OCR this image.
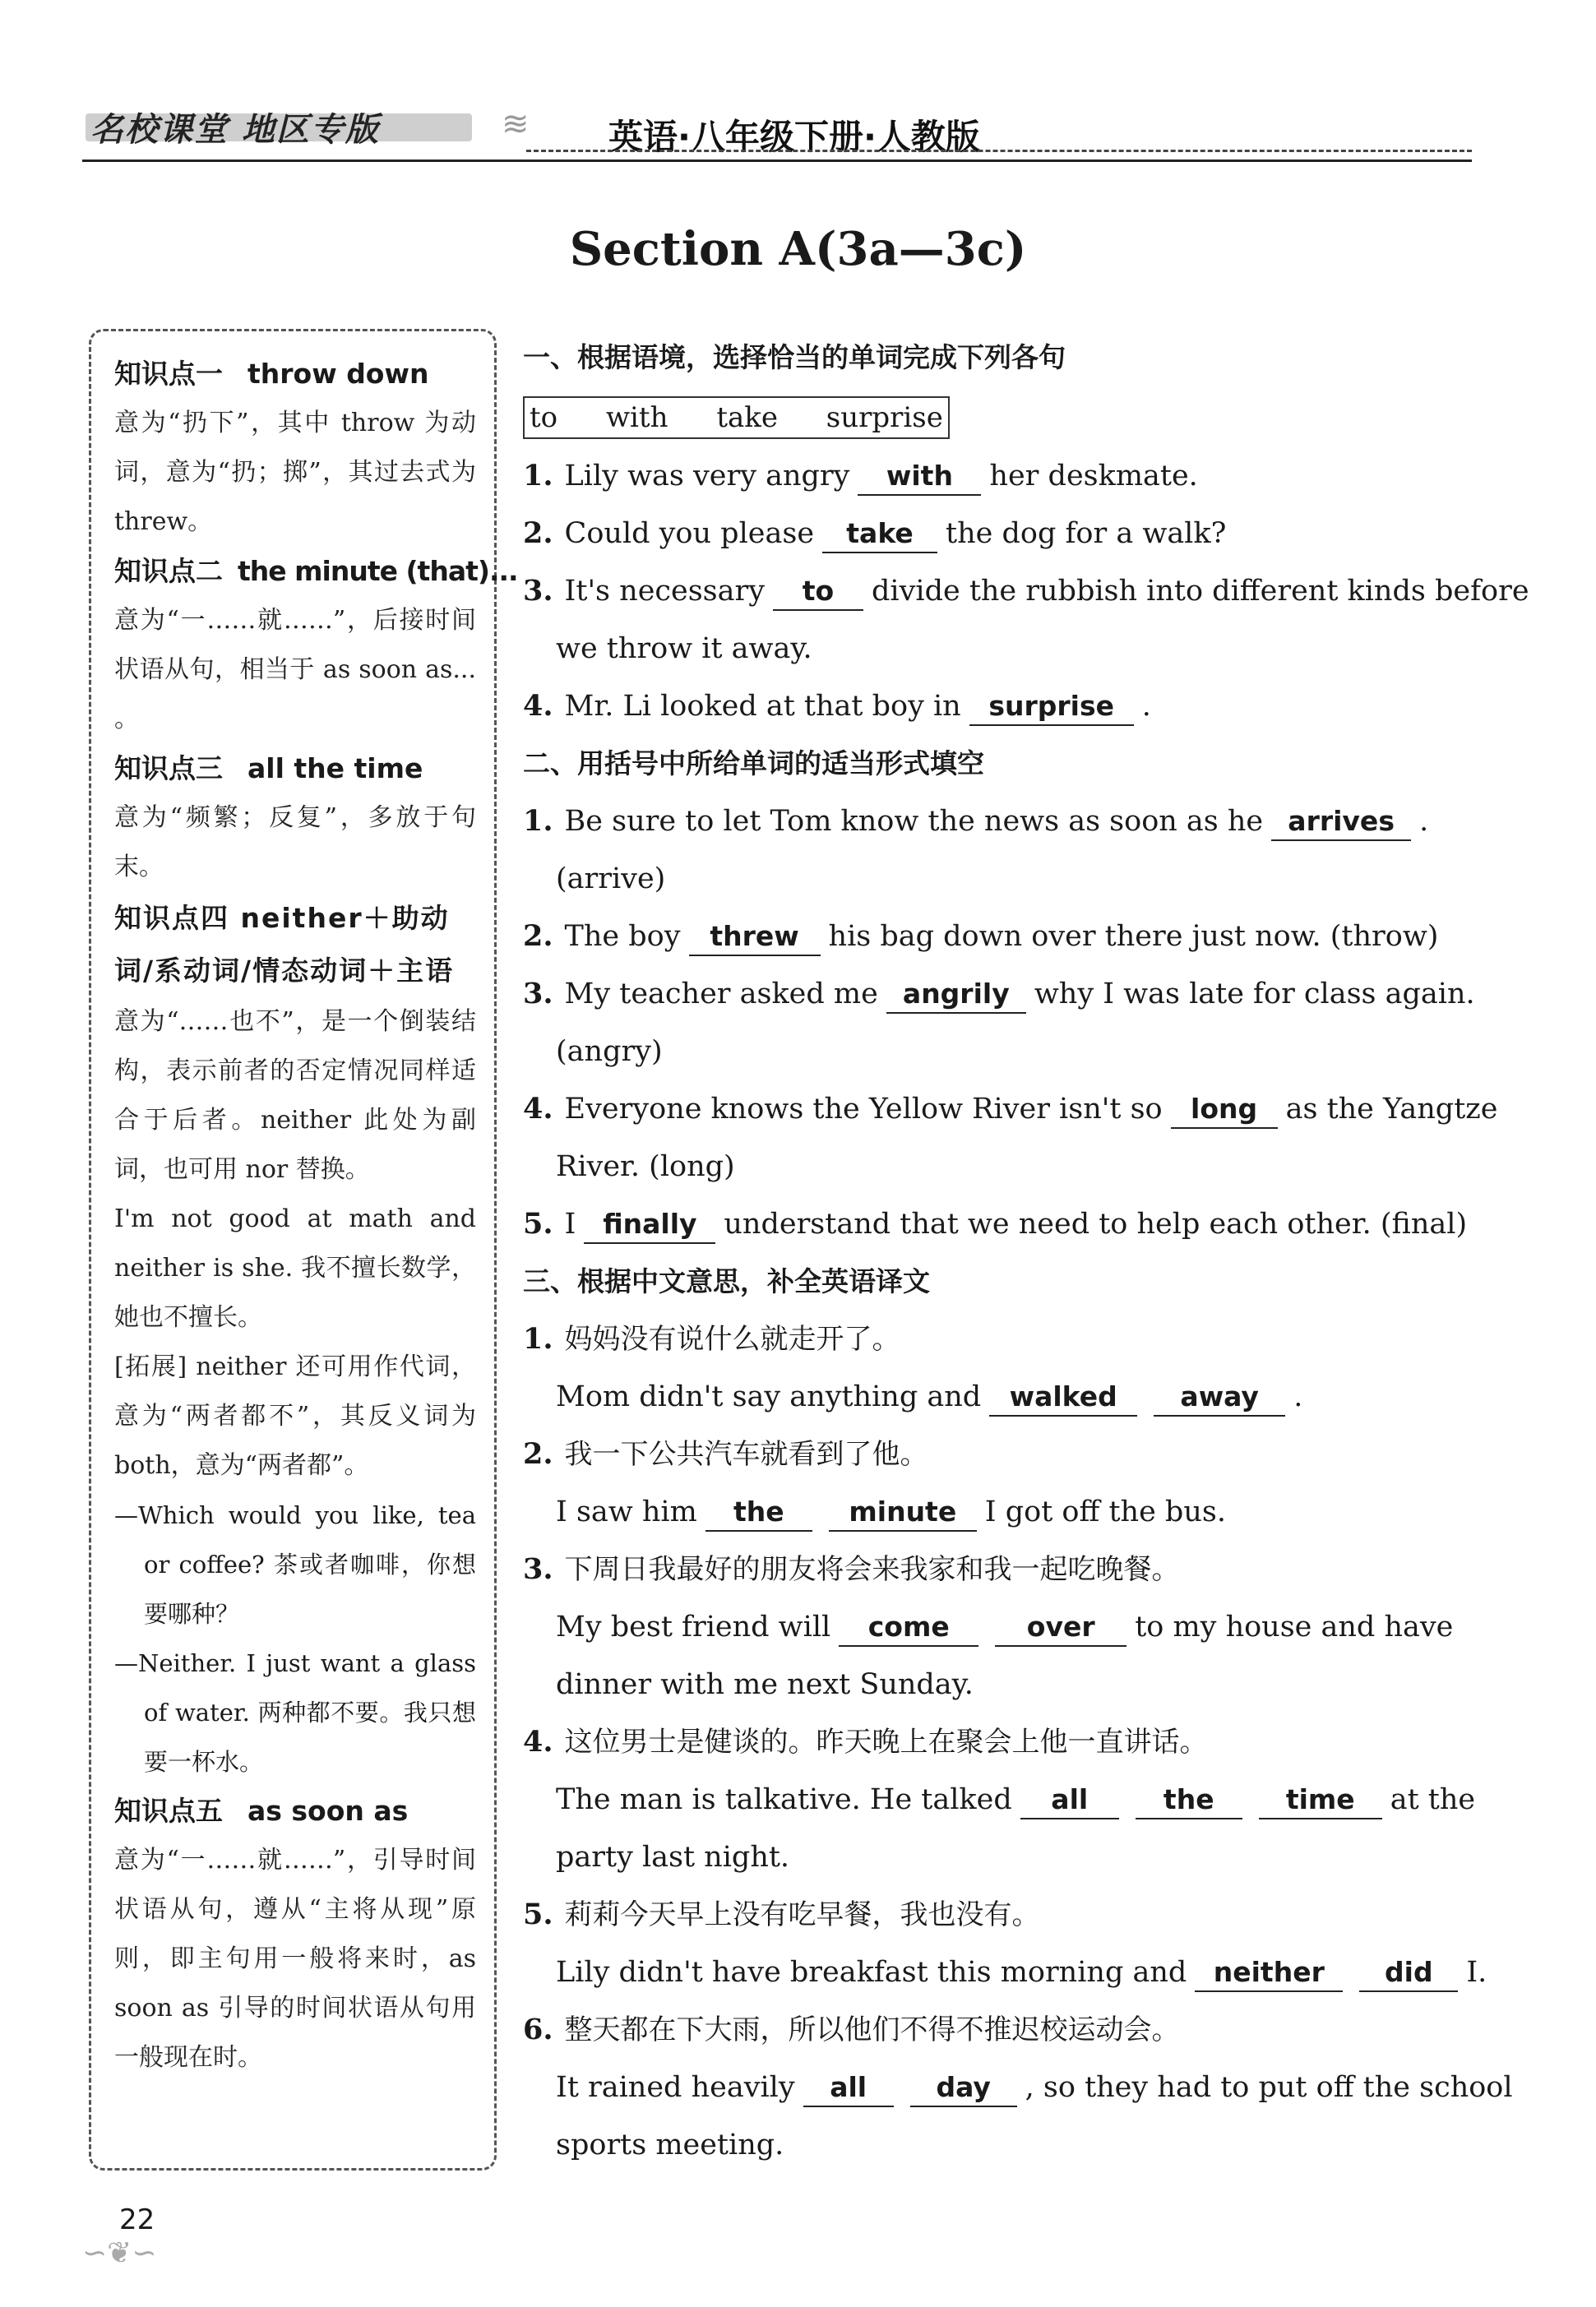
名校课堂 地区专版	≋	英语·八年级下册·人教版
Section A(3a—3c)
知识点一 throw down
意为“扔下”，其中 throw 为动词，意为“扔；掷”，其过去式为 threw。
知识点二 the minute (that)...
意为“一……就……”，后接时间状语从句，相当于 as soon as... 。
知识点三 all the time
意为“频繁；反复”，多放于句末。
知识点四 neither＋助动词/系动词/情态动词＋主语
意为“……也不”，是一个倒装结构，表示前者的否定情况同样适合于后者。neither 此处为副词，也可用 nor 替换。
I'm not good at math and neither is she. 我不擅长数学，她也不擅长。
[拓展] neither 还可用作代词，意为“两者都不”，其反义词为 both，意为“两者都”。
—Which would you like, tea or coffee? 茶或者咖啡，你想要哪种？
—Neither. I just want a glass of water. 两种都不要。我只想要一杯水。
知识点五 as soon as
意为“一……就……”，引导时间状语从句，遵从“主将从现”原则，即主句用一般将来时，as soon as 引导的时间状语从句用一般现在时。
一、根据语境，选择恰当的单词完成下列各句
to with take surprise
1. Lily was very angry with her deskmate.
2. Could you please take the dog for a walk?
3. It's necessary to divide the rubbish into different kinds before
we throw it away.
4. Mr. Li looked at that boy in surprise .
二、用括号中所给单词的适当形式填空
1. Be sure to let Tom know the news as soon as he arrives .
(arrive)
2. The boy threw his bag down over there just now. (throw)
3. My teacher asked me angrily why I was late for class again.
(angry)
4. Everyone knows the Yellow River isn't so long as the Yangtze
River. (long)
5. I finally understand that we need to help each other. (final)
三、根据中文意思，补全英语译文
1. 妈妈没有说什么就走开了。
Mom didn't say anything and walked away .
2. 我一下公共汽车就看到了他。
I saw him the minute I got off the bus.
3. 下周日我最好的朋友将会来我家和我一起吃晚餐。
My best friend will come	over to my house and have
dinner with me next Sunday.
4. 这位男士是健谈的。昨天晚上在聚会上他一直讲话。
The man is talkative. He talked all	the	time at the
party last night.
5. 莉莉今天早上没有吃早餐，我也没有。
Lily didn't have breakfast this morning and neither did I.
6. 整天都在下大雨，所以他们不得不推迟校运动会。
It rained heavily all	day , so they had to put off the school
sports meeting.
22
∽❦∽
